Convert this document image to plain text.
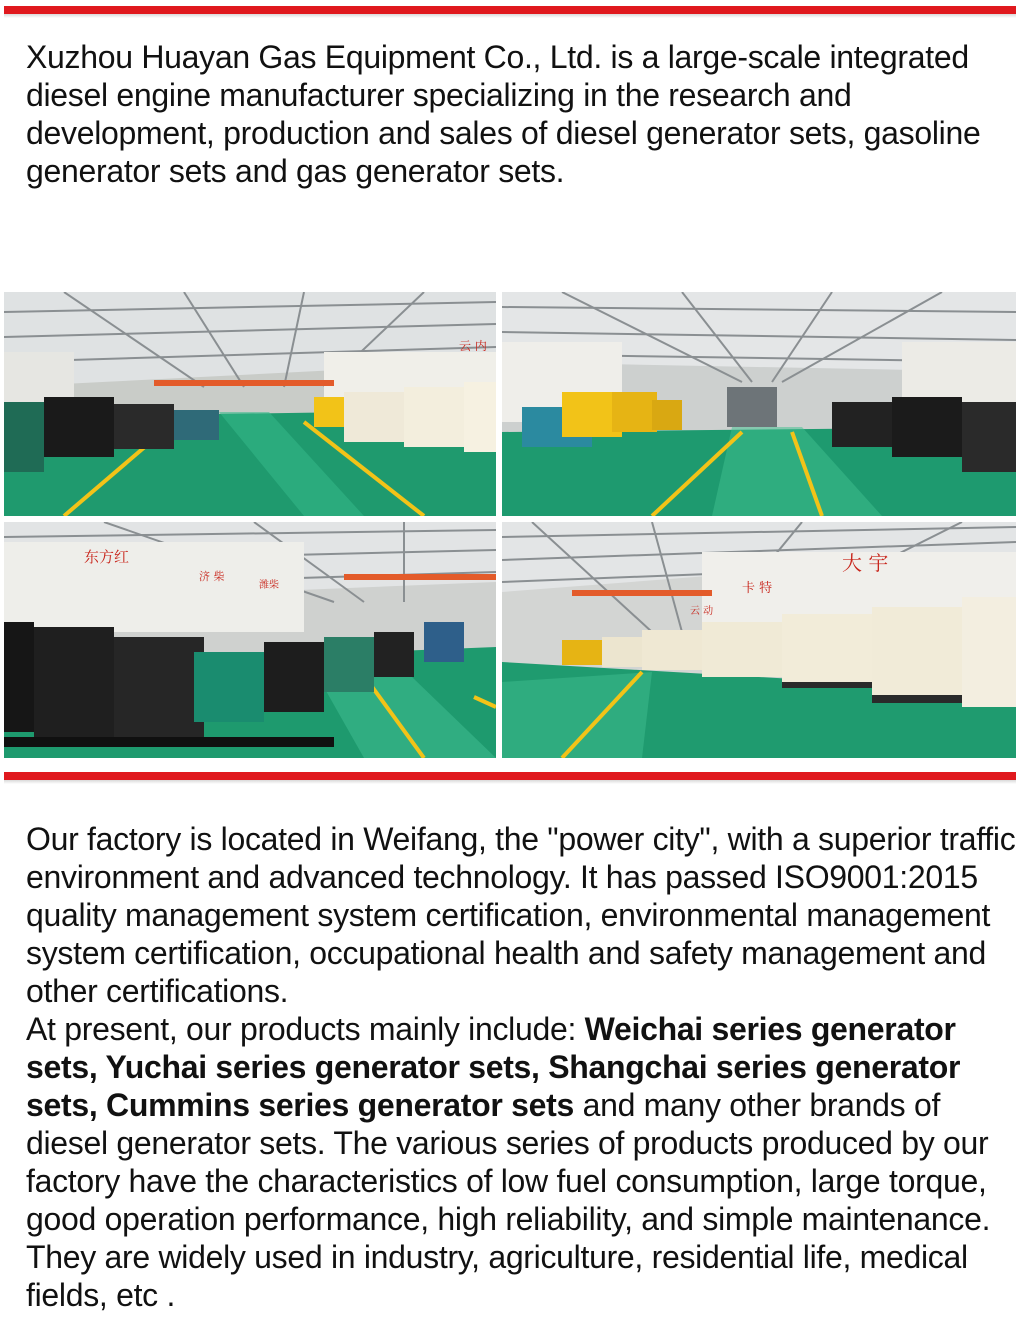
Xuzhou Huayan Gas Equipment Co., Ltd. is a large-scale integrated diesel engine manufacturer specializing in the research and development, production and sales of diesel generator sets, gasoline generator sets and gas generator sets.

云 内
东方红
济 柴
潍柴
云 动
卡 特
大 宇

Our factory is located in Weifang, the "power city", with a superior traffic environment and advanced technology. It has passed ISO9001:2015 quality management system certification, environmental management system certification, occupational health and safety management and other certifications.

At present, our products mainly include: Weichai series generator sets, Yuchai series generator sets, Shangchai series generator sets, Cummins series generator sets and many other brands of diesel generator sets. The various series of products produced by our factory have the characteristics of low fuel consumption, large torque, good operation performance, high reliability, and simple maintenance. They are widely used in industry, agriculture, residential life, medical fields, etc .
